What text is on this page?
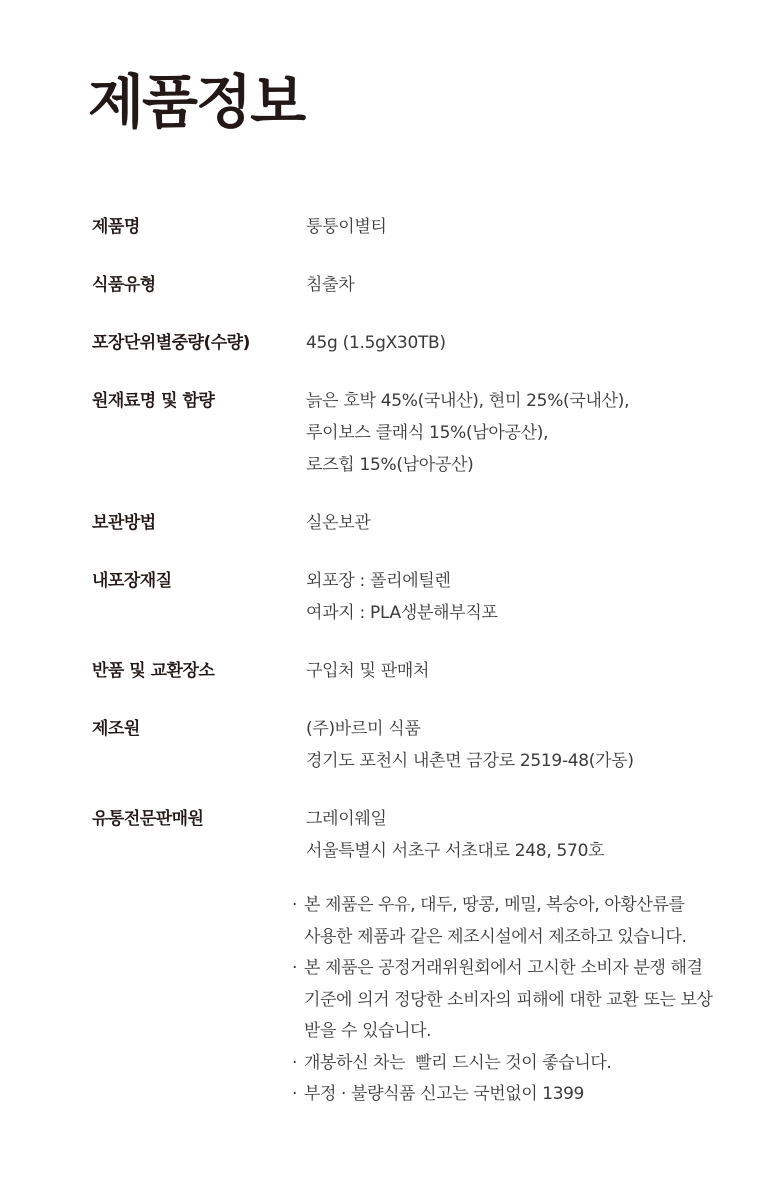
제품정보
제품명	퉁퉁이별티
식품유형	침출차
포장단위별중량(수량)	45g (1.5gX30TB)
원재료명 및 함량	늙은 호박 45%(국내산), 현미 25%(국내산),
루이보스 클래식 15%(남아공산),
로즈힙 15%(남아공산)
보관방법	실온보관
내포장재질	외포장 : 폴리에틸렌
여과지 : PLA생분해부직포
반품 및 교환장소	구입처 및 판매처
제조원	(주)바르미 식품
경기도 포천시 내촌면 금강로 2519-48(가동)
유통전문판매원	그레이웨일
서울특별시 서초구 서초대로 248, 570호
· 본 제품은 우유, 대두, 땅콩, 메밀, 복숭아, 아황산류를
사용한 제품과 같은 제조시설에서 제조하고 있습니다.
· 본 제품은 공정거래위원회에서 고시한 소비자 분쟁 해결
기준에 의거 정당한 소비자의 피해에 대한 교환 또는 보상
받을 수 있습니다.
· 개봉하신 차는  빨리 드시는 것이 좋습니다.
· 부정 · 불량식품 신고는 국번없이 1399
